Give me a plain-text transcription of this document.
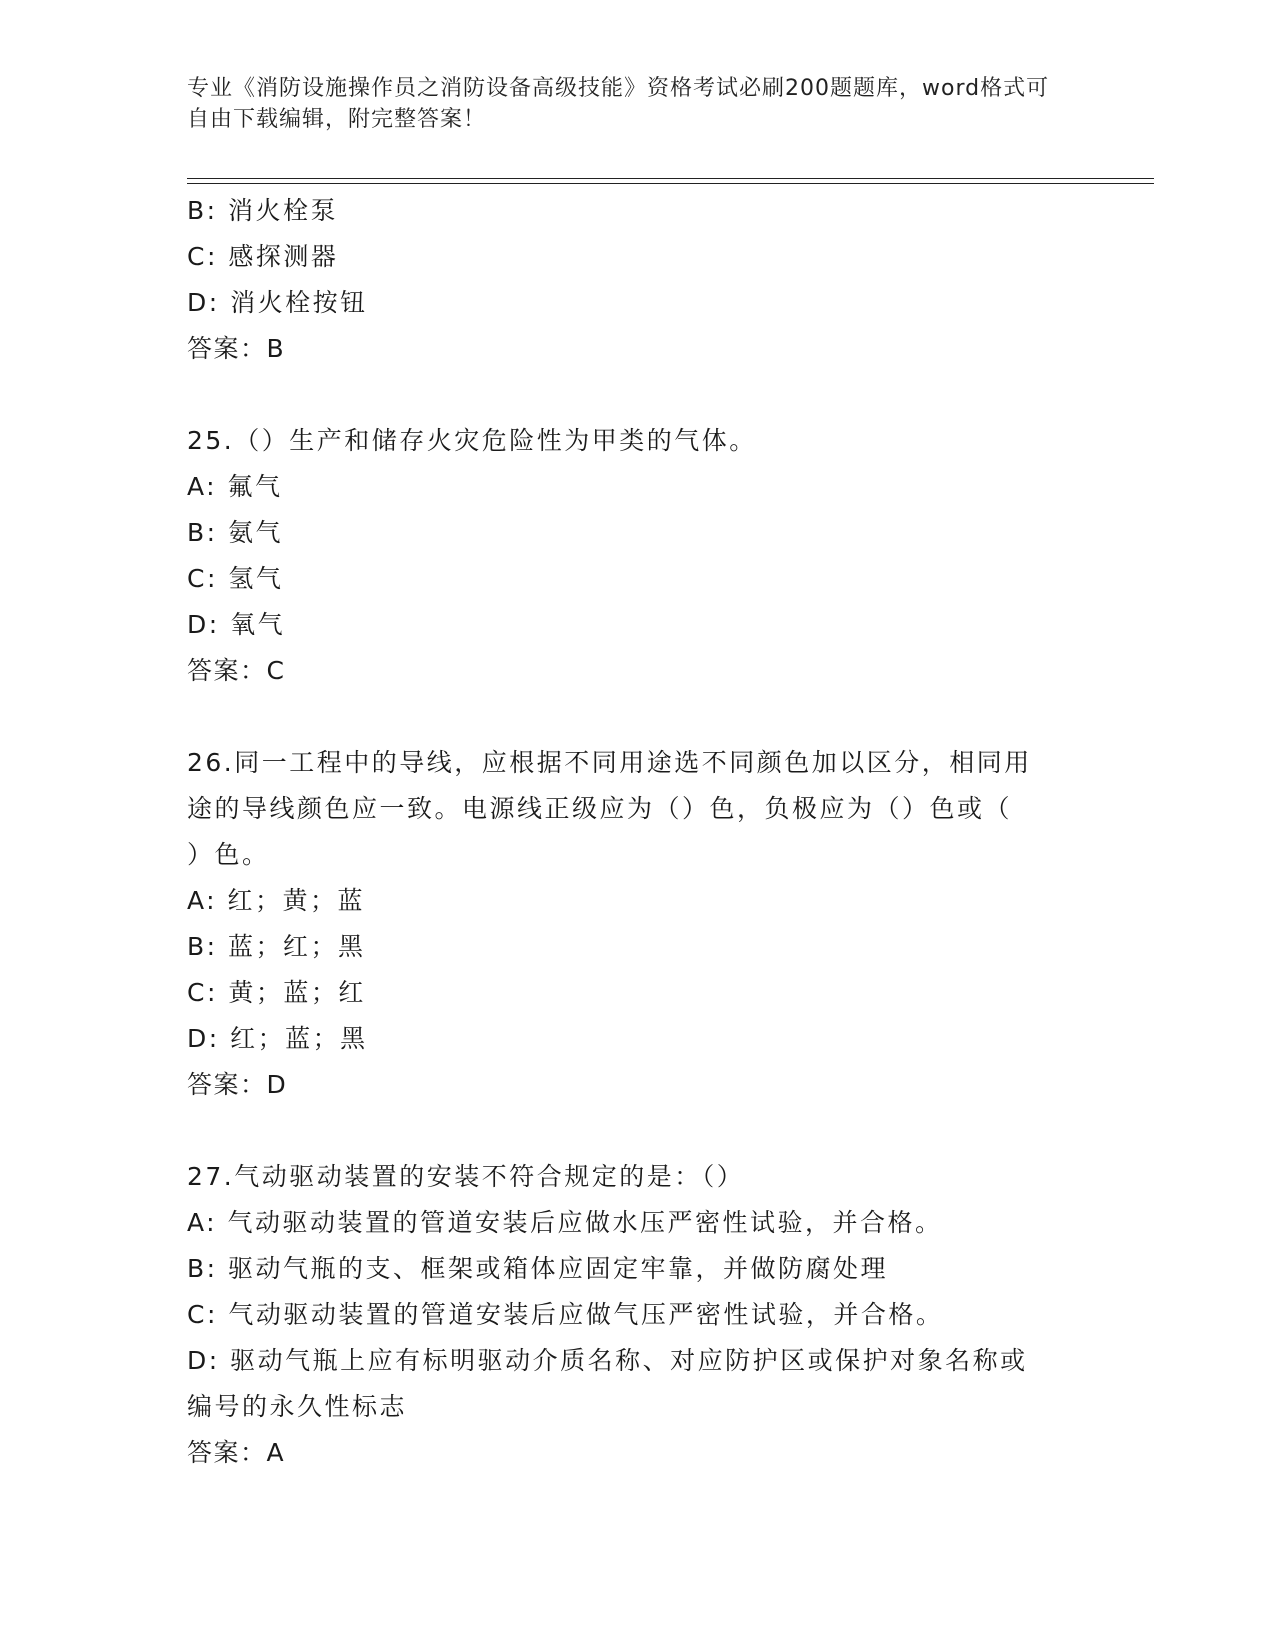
专业《消防设施操作员之消防设备高级技能》资格考试必刷200题题库，word格式可自由下载编辑，附完整答案！
B: 消火栓泵
C: 感探测器
D: 消火栓按钮
答案：B
25.（）生产和储存火灾危险性为甲类的气体。
A: 氟气
B: 氨气
C: 氢气
D: 氧气
答案：C
26.同一工程中的导线，应根据不同用途选不同颜色加以区分，相同用
途的导线颜色应一致。电源线正级应为（）色，负极应为（）色或（
）色。
A: 红；黄；蓝
B: 蓝；红；黑
C: 黄；蓝；红
D: 红；蓝；黑
答案：D
27.气动驱动装置的安装不符合规定的是：（）
A: 气动驱动装置的管道安装后应做水压严密性试验，并合格。
B: 驱动气瓶的支、框架或箱体应固定牢靠，并做防腐处理
C: 气动驱动装置的管道安装后应做气压严密性试验，并合格。
D: 驱动气瓶上应有标明驱动介质名称、对应防护区或保护对象名称或
编号的永久性标志
答案：A
